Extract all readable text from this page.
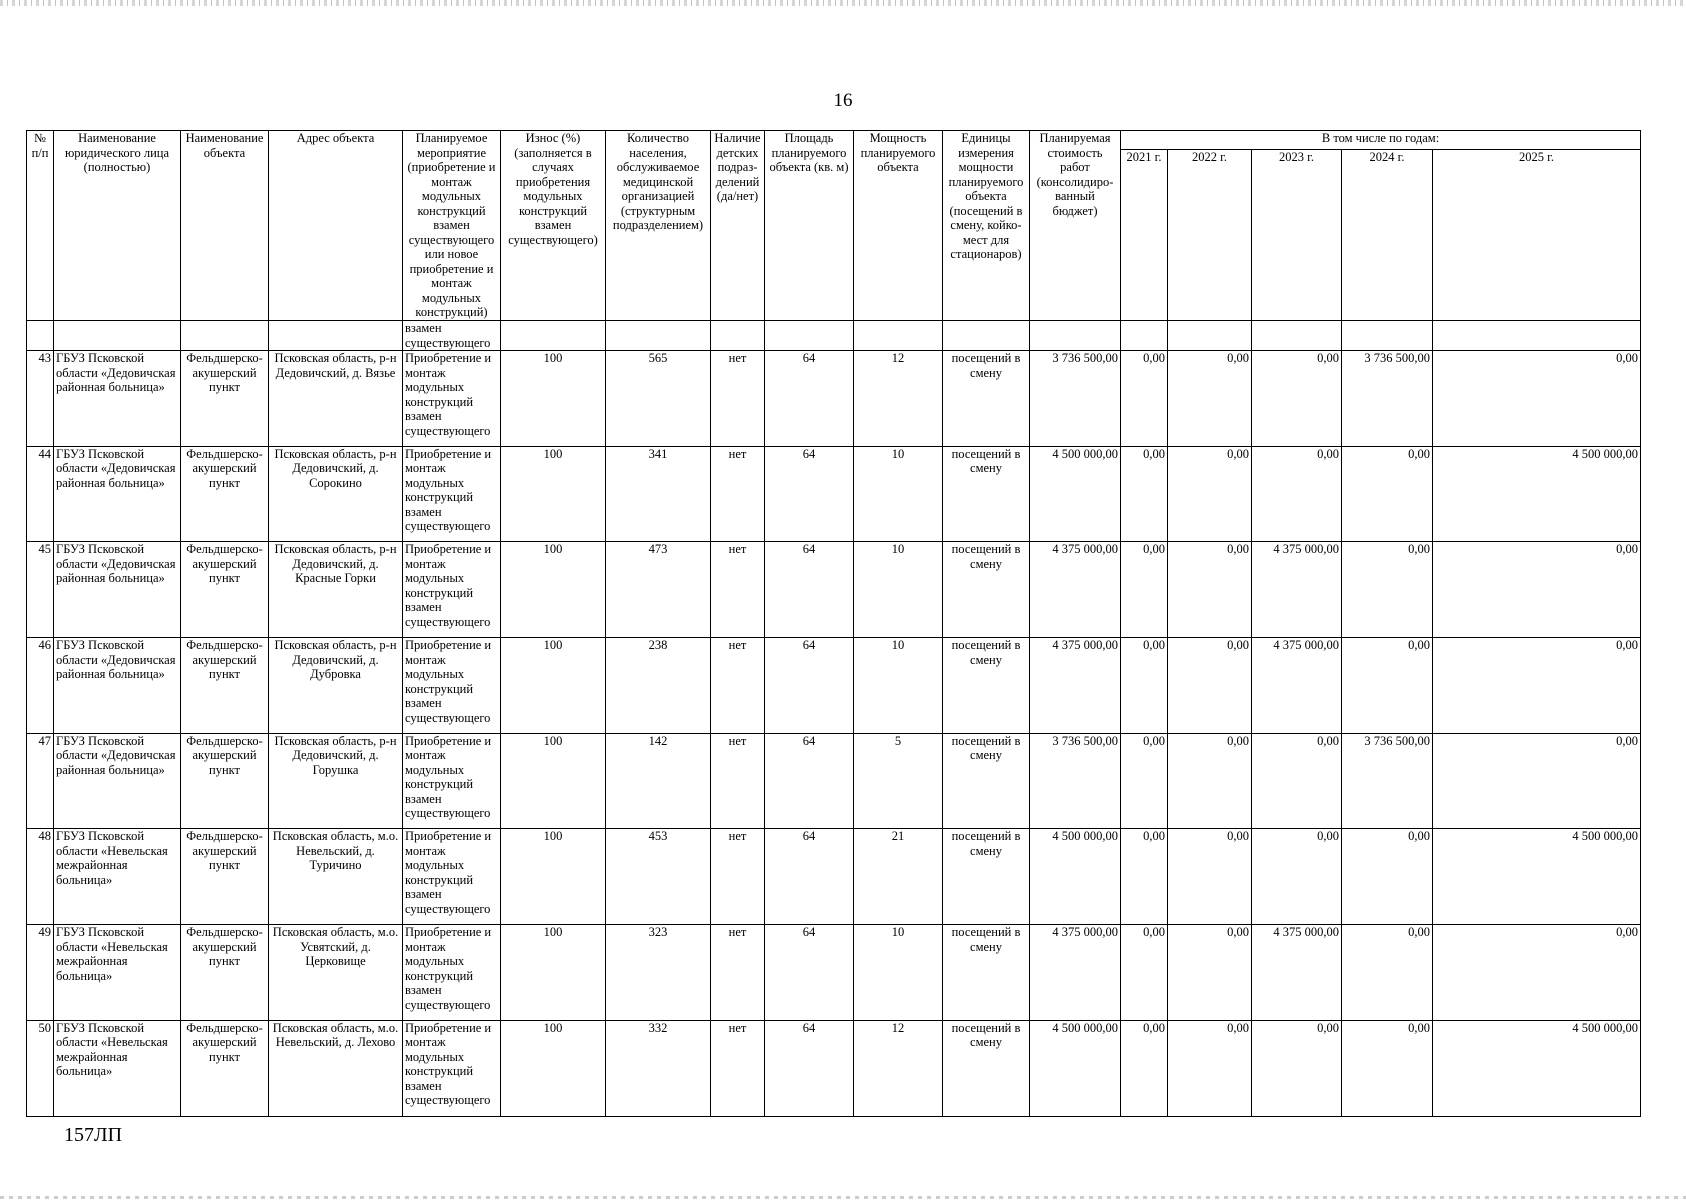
16
№ п/п	Наименование юридического лица (полностью)	Наименование объекта	Адрес объекта	Планируемое мероприятие (приобретение и монтаж модульных конструкций взамен существующего или новое приобретение и монтаж модульных конструкций)	Износ (%) (заполняется в случаях приобретения модульных конструкций взамен существующего)	Количество населения, обслуживаемое медицинской организацией (структурным подразделением)	Наличие детских подраз-делений (да/нет)	Площадь планируемого объекта (кв. м)	Мощность планируемого объекта	Единицы измерения мощности планируемого объекта (посещений в смену, койко-мест для стационаров)	Планируемая стоимость работ (консолидиро-ванный бюджет)	В том числе по годам:				
												2021 г.	2022 г.	2023 г.	2024 г.	2025 г.
				взамен существующего												
43	ГБУЗ Псковской области «Дедовичская районная больница»	Фельдшерско-акушерский пункт	Псковская область, р-н Дедовичский, д. Вязье	Приобретение и монтаж модульных конструкций взамен существующего	100	565	нет	64	12	посещений в смену	3 736 500,00	0,00	0,00	0,00	3 736 500,00	0,00
44	ГБУЗ Псковской области «Дедовичская районная больница»	Фельдшерско-акушерский пункт	Псковская область, р-н Дедовичский, д. Сорокино	Приобретение и монтаж модульных конструкций взамен существующего	100	341	нет	64	10	посещений в смену	4 500 000,00	0,00	0,00	0,00	0,00	4 500 000,00
45	ГБУЗ Псковской области «Дедовичская районная больница»	Фельдшерско-акушерский пункт	Псковская область, р-н Дедовичский, д. Красные Горки	Приобретение и монтаж модульных конструкций взамен существующего	100	473	нет	64	10	посещений в смену	4 375 000,00	0,00	0,00	4 375 000,00	0,00	0,00
46	ГБУЗ Псковской области «Дедовичская районная больница»	Фельдшерско-акушерский пункт	Псковская область, р-н Дедовичский, д. Дубровка	Приобретение и монтаж модульных конструкций взамен существующего	100	238	нет	64	10	посещений в смену	4 375 000,00	0,00	0,00	4 375 000,00	0,00	0,00
47	ГБУЗ Псковской области «Дедовичская районная больница»	Фельдшерско-акушерский пункт	Псковская область, р-н Дедовичский, д. Горушка	Приобретение и монтаж модульных конструкций взамен существующего	100	142	нет	64	5	посещений в смену	3 736 500,00	0,00	0,00	0,00	3 736 500,00	0,00
48	ГБУЗ Псковской области «Невельская межрайонная больница»	Фельдшерско-акушерский пункт	Псковская область, м.о. Невельский, д. Туричино	Приобретение и монтаж модульных конструкций взамен существующего	100	453	нет	64	21	посещений в смену	4 500 000,00	0,00	0,00	0,00	0,00	4 500 000,00
49	ГБУЗ Псковской области «Невельская межрайонная больница»	Фельдшерско-акушерский пункт	Псковская область, м.о. Усвятский, д. Церковище	Приобретение и монтаж модульных конструкций взамен существующего	100	323	нет	64	10	посещений в смену	4 375 000,00	0,00	0,00	4 375 000,00	0,00	0,00
50	ГБУЗ Псковской области «Невельская межрайонная больница»	Фельдшерско-акушерский пункт	Псковская область, м.о. Невельский, д. Лехово	Приобретение и монтаж модульных конструкций взамен существующего	100	332	нет	64	12	посещений в смену	4 500 000,00	0,00	0,00	0,00	0,00	4 500 000,00
157ЛП
